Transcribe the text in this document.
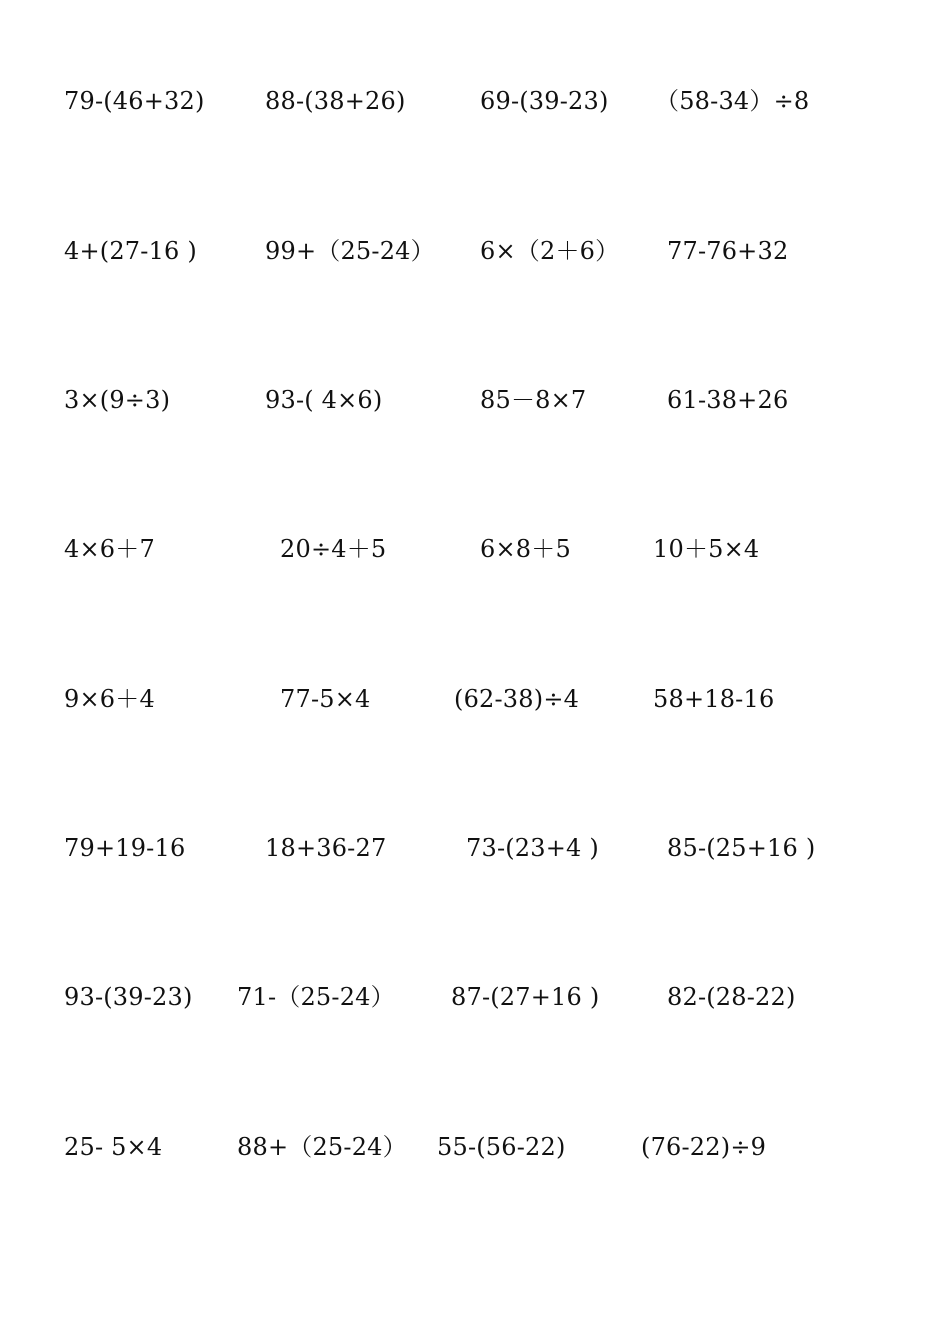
79-(46+32)	88-(38+26)	69-(39-23) （58-34）÷8
4+(27-16 )	99+（25-24） 6×（2＋6） 77-76+32
3×(9÷3)	93-( 4×6)	85－8×7	61-38+26
4×6＋7	20÷4＋5	6×8＋5	10＋5×4
9×6＋4	77-5×4	(62-38)÷4	58+18-16
79+19-16	18+36-27	73-(23+4 )	85-(25+16 )
93-(39-23) 71-（25-24） 87-(27+16 )	82-(28-22)
25- 5×4	88+（25-24） 55-(56-22)	(76-22)÷9
